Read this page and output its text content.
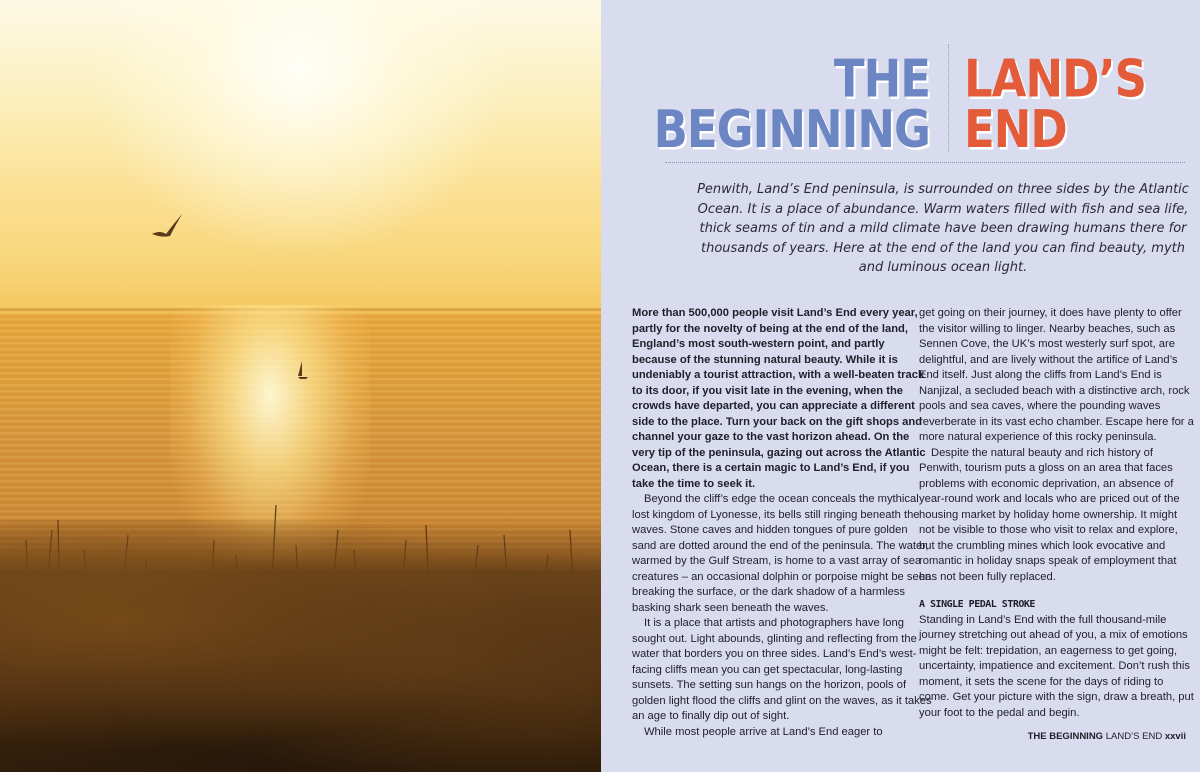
THE
BEGINNING
LAND’S
END

Penwith, Land’s End peninsula, is surrounded on three sides by the Atlantic Ocean. It is a place of abundance. Warm waters filled with fish and sea life, thick seams of tin and a mild climate have been drawing humans there for thousands of years. Here at the end of the land you can find beauty, myth and luminous ocean light.

More than 500,000 people visit Land’s End every year, partly for the novelty of being at the end of the land, England’s most south-western point, and partly because of the stunning natural beauty. While it is undeniably a tourist attraction, with a well-beaten track to its door, if you visit late in the evening, when the crowds have departed, you can appreciate a different side to the place. Turn your back on the gift shops and channel your gaze to the vast horizon ahead. On the very tip of the peninsula, gazing out across the Atlantic Ocean, there is a certain magic to Land’s End, if you take the time to seek it.

Beyond the cliff’s edge the ocean conceals the mythical lost kingdom of Lyonesse, its bells still ringing beneath the waves. Stone caves and hidden tongues of pure golden sand are dotted around the end of the peninsula. The water, warmed by the Gulf Stream, is home to a vast array of sea creatures – an occasional dolphin or porpoise might be seen breaking the surface, or the dark shadow of a harmless basking shark seen beneath the waves.

It is a place that artists and photographers have long sought out. Light abounds, glinting and reflecting from the water that borders you on three sides. Land’s End’s west-facing cliffs mean you can get spectacular, long-lasting sunsets. The setting sun hangs on the horizon, pools of golden light flood the cliffs and glint on the waves, as it takes an age to finally dip out of sight.

While most people arrive at Land’s End eager to

get going on their journey, it does have plenty to offer the visitor willing to linger. Nearby beaches, such as Sennen Cove, the UK’s most westerly surf spot, are delightful, and are lively without the artifice of Land’s End itself. Just along the cliffs from Land’s End is Nanjizal, a secluded beach with a distinctive arch, rock pools and sea caves, where the pounding waves reverberate in its vast echo chamber. Escape here for a more natural experience of this rocky peninsula.

Despite the natural beauty and rich history of Penwith, tourism puts a gloss on an area that faces problems with economic deprivation, an absence of year-round work and locals who are priced out of the housing market by holiday home ownership. It might not be visible to those who visit to relax and explore, but the crumbling mines which look evocative and romantic in holiday snaps speak of employment that has not been fully replaced.

A SINGLE PEDAL STROKE

Standing in Land’s End with the full thousand-mile journey stretching out ahead of you, a mix of emotions might be felt: trepidation, an eagerness to get going, uncertainty, impatience and excitement. Don’t rush this moment, it sets the scene for the days of riding to come. Get your picture with the sign, draw a breath, put your foot to the pedal and begin.

THE BEGINNING LAND’S END xxvii
